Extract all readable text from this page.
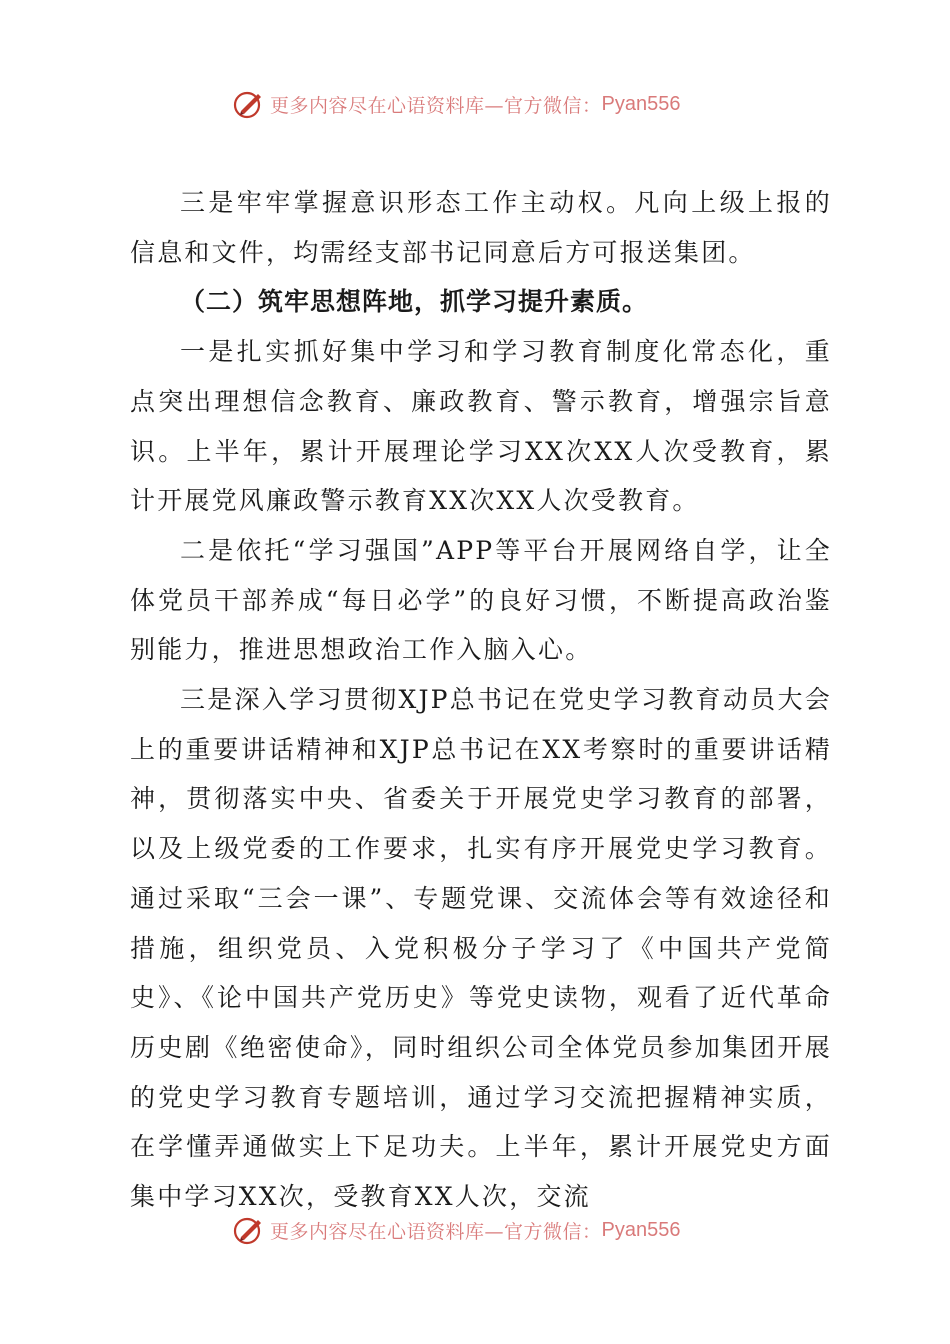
更多内容尽在心语资料库—官方微信： Pyan556

三是牢牢掌握意识形态工作主动权。凡向上级上报的信息和文件，均需经支部书记同意后方可报送集团。

（二）筑牢思想阵地，抓学习提升素质。

一是扎实抓好集中学习和学习教育制度化常态化，重点突出理想信念教育、廉政教育、警示教育，增强宗旨意识。上半年，累计开展理论学习XX次XX人次受教育，累计开展党风廉政警示教育XX次XX人次受教育。

二是依托“学习强国”APP等平台开展网络自学，让全体党员干部养成“每日必学”的良好习惯，不断提高政治鉴别能力，推进思想政治工作入脑入心。

三是深入学习贯彻XJP总书记在党史学习教育动员大会上的重要讲话精神和XJP总书记在XX考察时的重要讲话精神，贯彻落实中央、省委关于开展党史学习教育的部署，以及上级党委的工作要求，扎实有序开展党史学习教育。通过采取“三会一课”、专题党课、交流体会等有效途径和措施，组织党员、入党积极分子学习了《中国共产党简史》、《论中国共产党历史》等党史读物，观看了近代革命历史剧《绝密使命》，同时组织公司全体党员参加集团开展的党史学习教育专题培训，通过学习交流把握精神实质，在学懂弄通做实上下足功夫。上半年，累计开展党史方面集中学习XX次，受教育XX人次，交流

更多内容尽在心语资料库—官方微信： Pyan556
